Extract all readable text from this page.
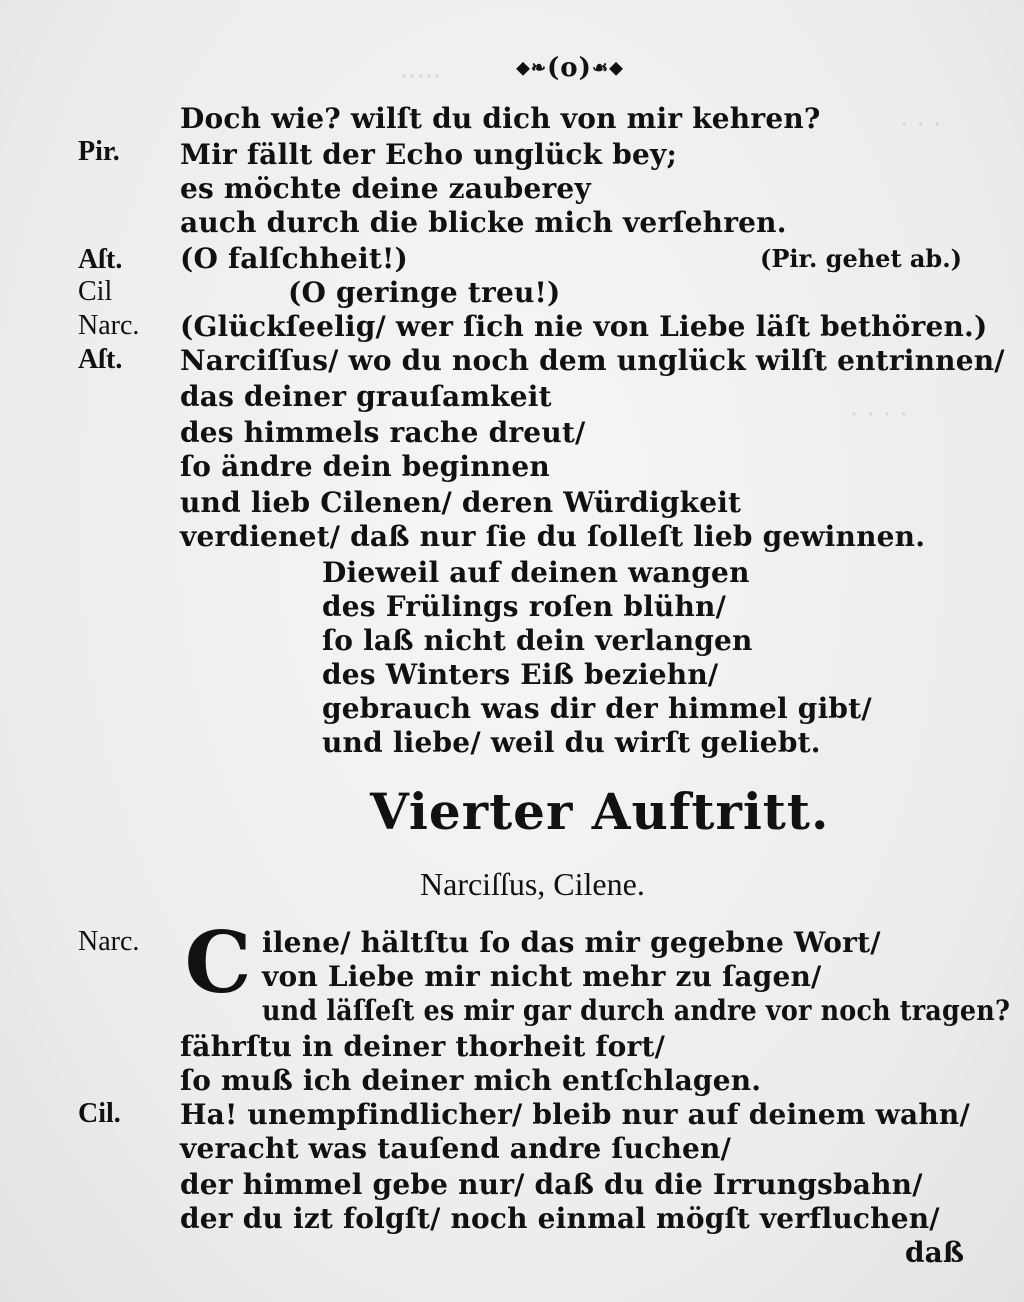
·····
· · ·
· · · ·
◆❧(o)☙◆
Pir.
Aſt.
Cil
Narc.
Aſt.
Narc.
Cil.
Doch wie? wilſt du dich von mir kehren?
Mir fällt der Echo unglück bey;
es möchte deine zauberey
auch durch die blicke mich verſehren.
(O falſchheit!)	(Pir. gehet ab.)
(O geringe treu!)
(Glückſeelig/ wer ſich nie von Liebe läſt bethören.)
Narciſſus/ wo du noch dem unglück wilſt entrinnen/
das deiner grauſamkeit
des himmels rache dreut/
ſo ändre dein beginnen
und lieb Cilenen/ deren Würdigkeit
verdienet/ daß nur ſie du ſolleſt lieb gewinnen.
Dieweil auf deinen wangen
des Frülings roſen blühn/
ſo laß nicht dein verlangen
des Winters Eiß beziehn/
gebrauch was dir der himmel gibt/
und liebe/ weil du wirſt geliebt.
Vierter Auftritt.
Narciſſus, Cilene.
C ilene/ hältſtu ſo das mir gegebne Wort/
von Liebe mir nicht mehr zu ſagen/
und läſſeſt es mir gar durch andre vor noch tragen?
fährſtu in deiner thorheit fort/
ſo muß ich deiner mich entſchlagen.
Ha! unempfindlicher/ bleib nur auf deinem wahn/
veracht was tauſend andre ſuchen/
der himmel gebe nur/ daß du die Irrungsbahn/
der du izt folgſt/ noch einmal mögſt verfluchen/
daß
